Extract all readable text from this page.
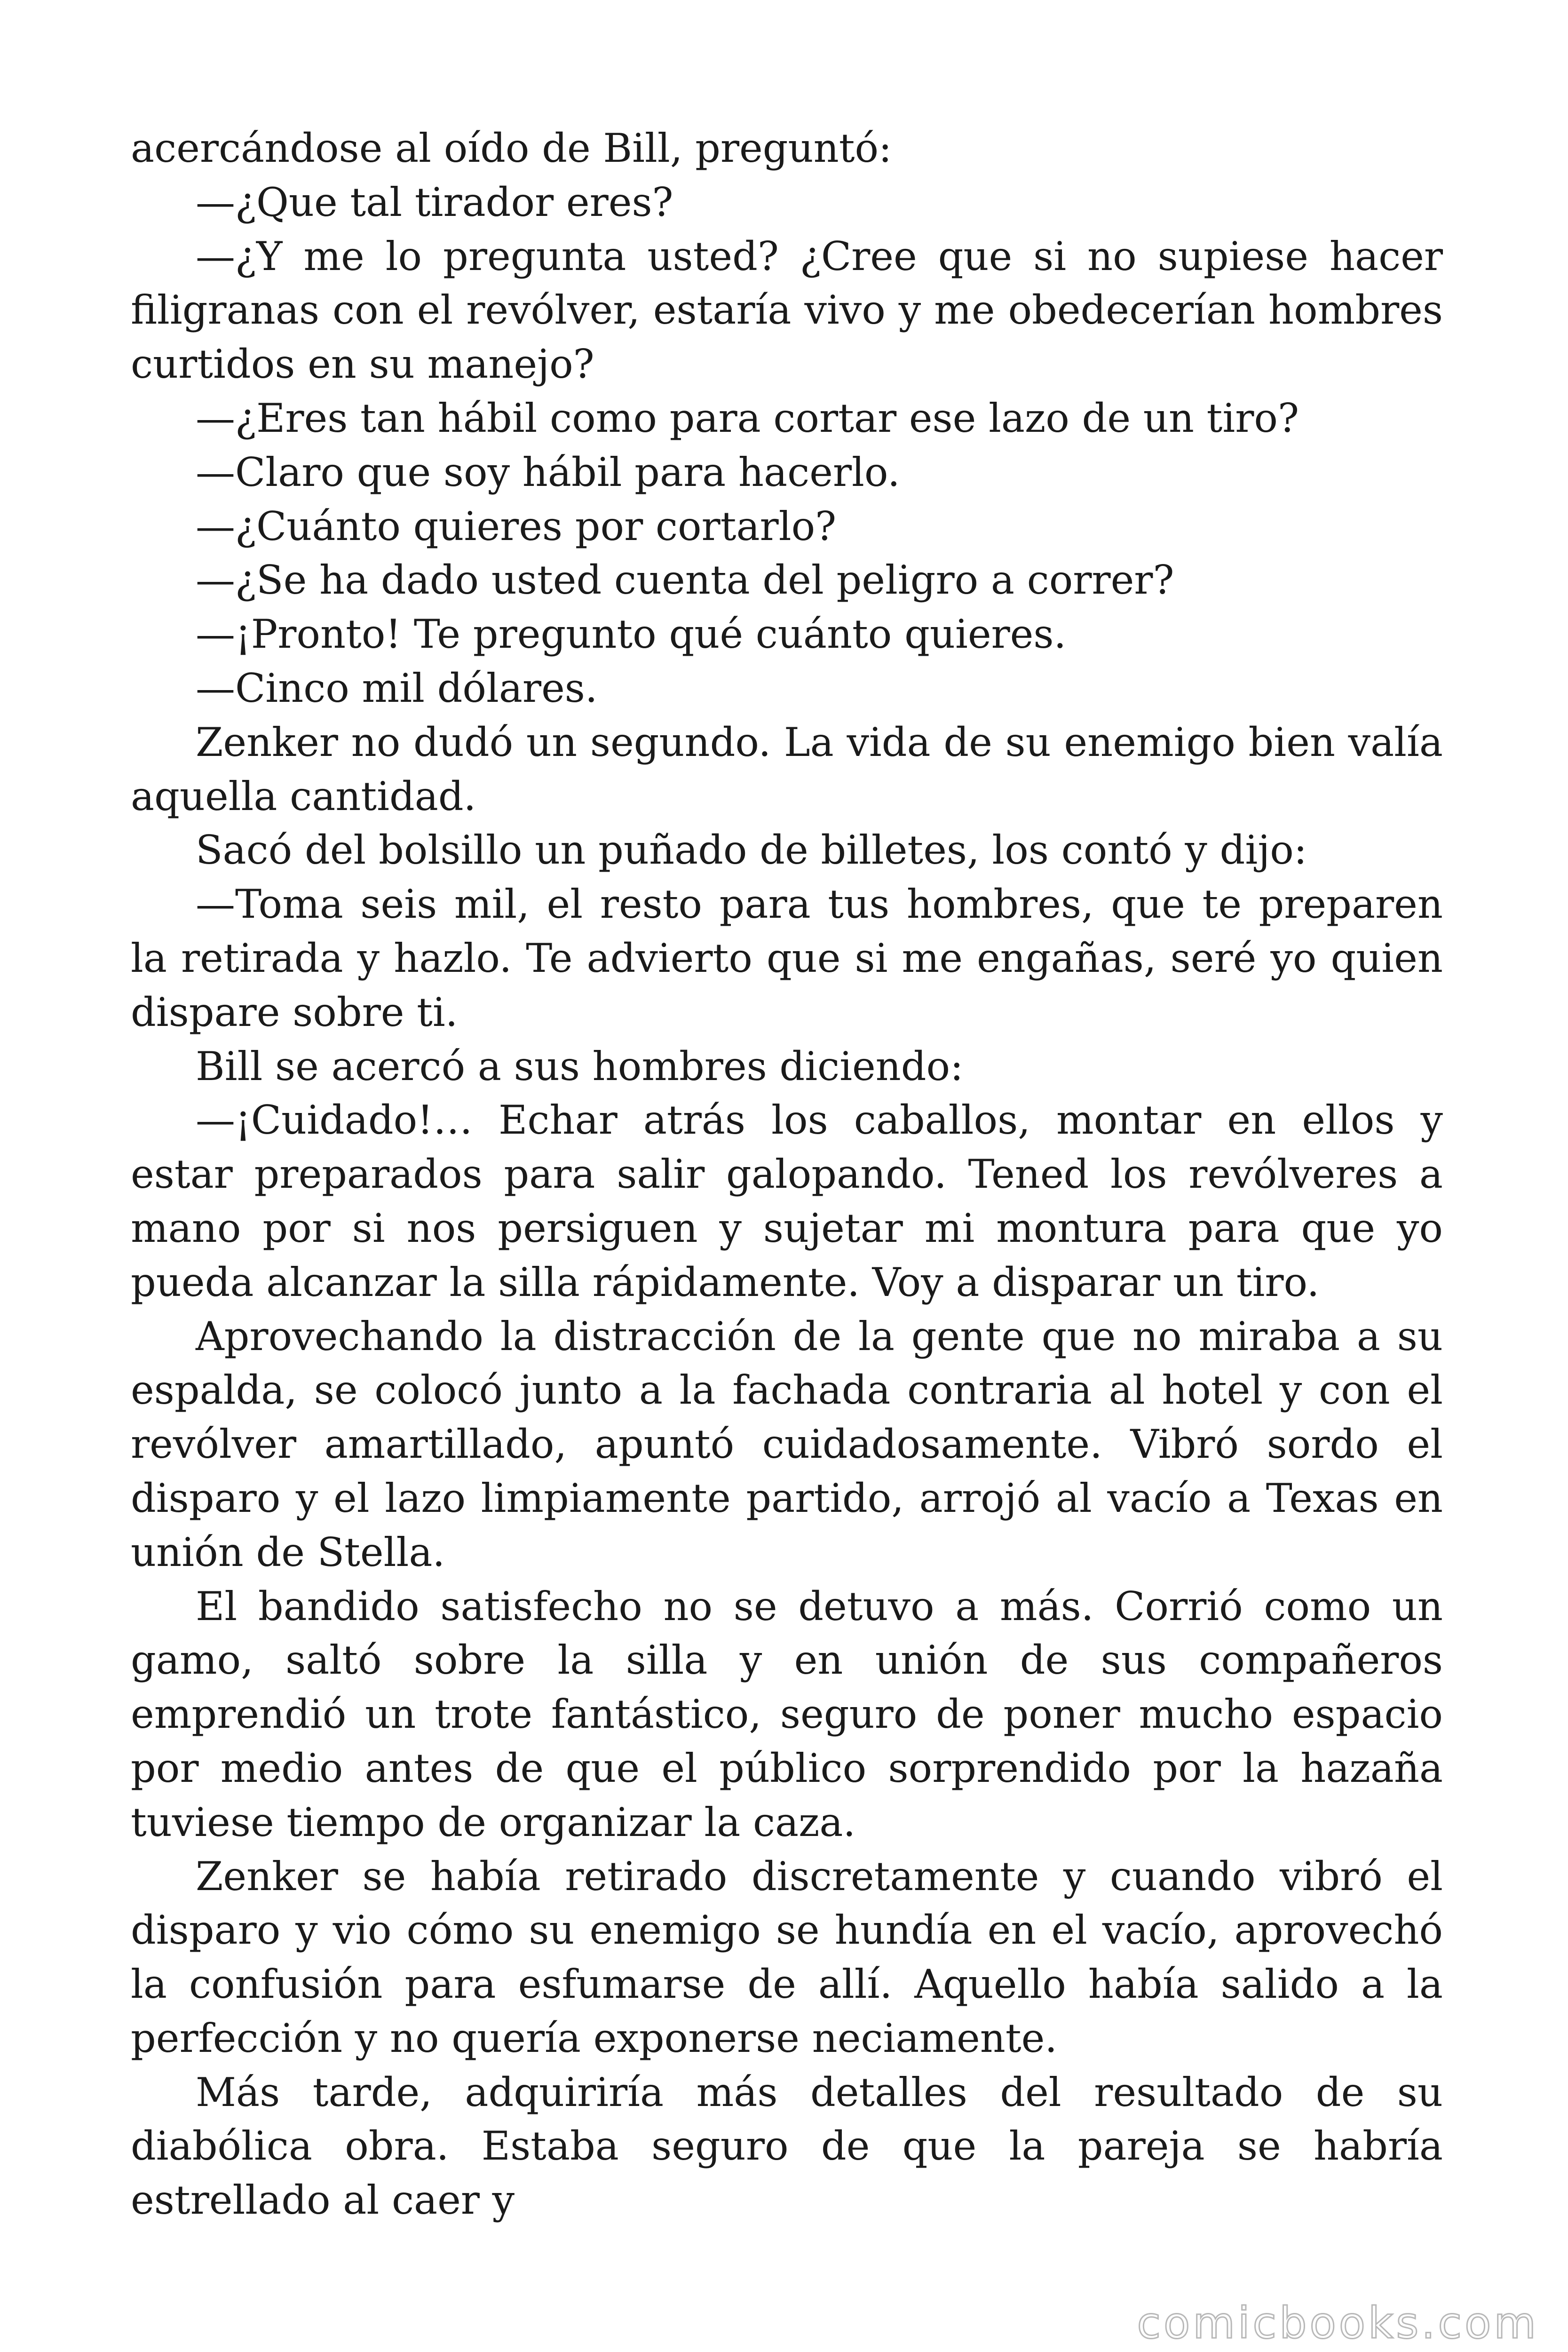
acercándose al oído de Bill, preguntó:

—¿Que tal tirador eres?

—¿Y me lo pregunta usted? ¿Cree que si no supiese hacer filigranas con el revólver, estaría vivo y me obedecerían hombres curtidos en su manejo?

—¿Eres tan hábil como para cortar ese lazo de un tiro?

—Claro que soy hábil para hacerlo.

—¿Cuánto quieres por cortarlo?

—¿Se ha dado usted cuenta del peligro a correr?

—¡Pronto! Te pregunto qué cuánto quieres.

—Cinco mil dólares.

Zenker no dudó un segundo. La vida de su enemigo bien valía aquella cantidad.

Sacó del bolsillo un puñado de billetes, los contó y dijo:

—Toma seis mil, el resto para tus hombres, que te preparen la retirada y hazlo. Te advierto que si me engañas, seré yo quien dispare sobre ti.

Bill se acercó a sus hombres diciendo:

—¡Cuidado!… Echar atrás los caballos, montar en ellos y estar preparados para salir galopando. Tened los revólveres a mano por si nos persiguen y sujetar mi montura para que yo pueda alcanzar la silla rápidamente. Voy a disparar un tiro.

Aprovechando la distracción de la gente que no miraba a su espalda, se colocó junto a la fachada contraria al hotel y con el revólver amartillado, apuntó cuidadosamente. Vibró sordo el disparo y el lazo limpiamente partido, arrojó al vacío a Texas en unión de Stella.

El bandido satisfecho no se detuvo a más. Corrió como un gamo, saltó sobre la silla y en unión de sus compañeros emprendió un trote fantástico, seguro de poner mucho espacio por medio antes de que el público sorprendido por la hazaña tuviese tiempo de organizar la caza.

Zenker se había retirado discretamente y cuando vibró el disparo y vio cómo su enemigo se hundía en el vacío, aprovechó la confusión para esfumarse de allí. Aquello había salido a la perfección y no quería exponerse neciamente.

Más tarde, adquiriría más detalles del resultado de su diabólica obra. Estaba seguro de que la pareja se habría estrellado al caer y

comicbooks.com
